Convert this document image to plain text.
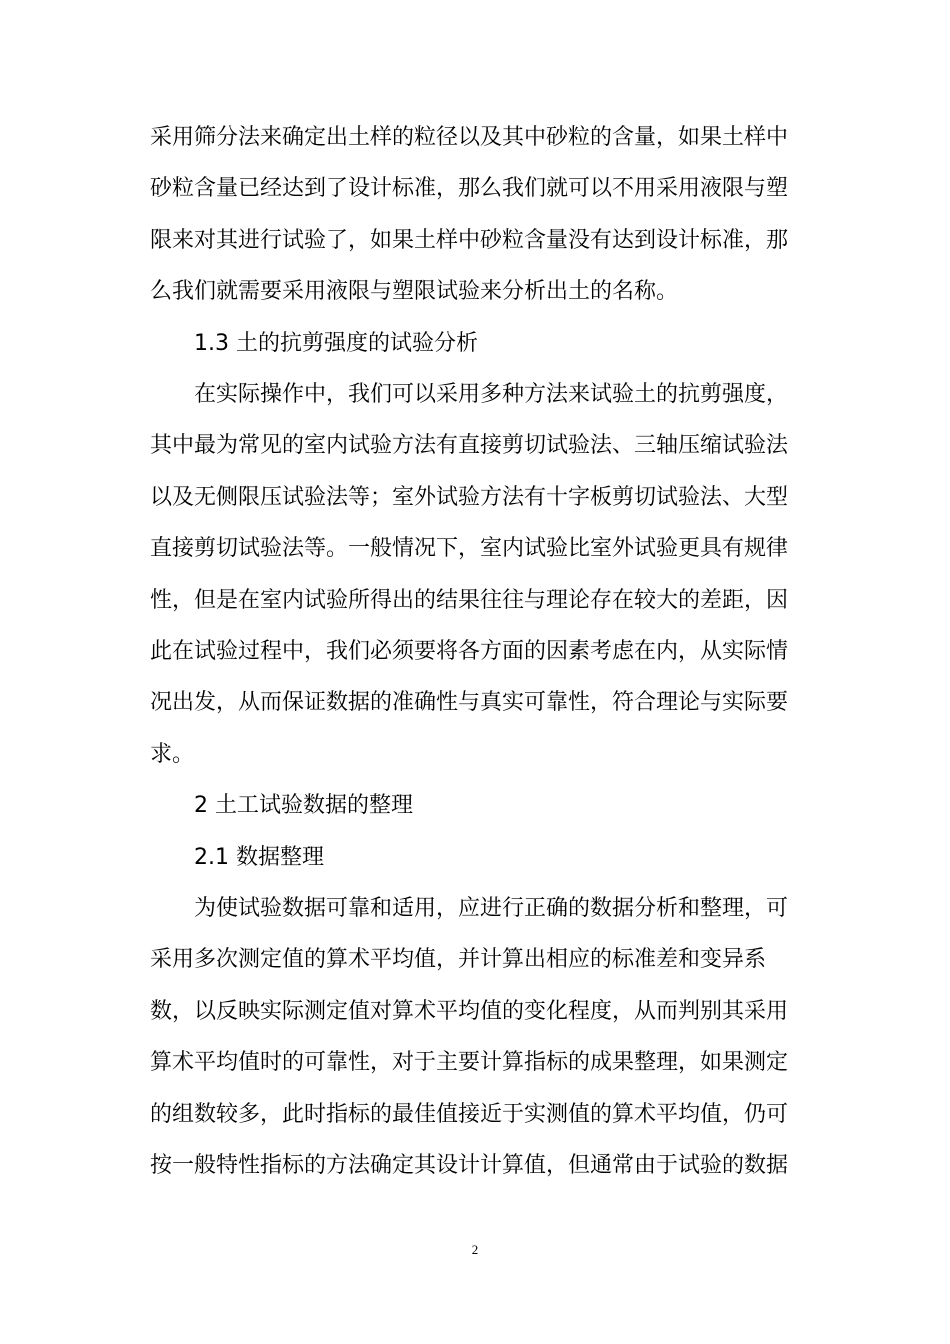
采用筛分法来确定出土样的粒径以及其中砂粒的含量，如果土样中
砂粒含量已经达到了设计标准，那么我们就可以不用采用液限与塑
限来对其进行试验了，如果土样中砂粒含量没有达到设计标准，那
么我们就需要采用液限与塑限试验来分析出土的名称。
1.3 土的抗剪强度的试验分析
在实际操作中，我们可以采用多种方法来试验土的抗剪强度，
其中最为常见的室内试验方法有直接剪切试验法、三轴压缩试验法
以及无侧限压试验法等；室外试验方法有十字板剪切试验法、大型
直接剪切试验法等。一般情况下，室内试验比室外试验更具有规律
性，但是在室内试验所得出的结果往往与理论存在较大的差距，因
此在试验过程中，我们必须要将各方面的因素考虑在内，从实际情
况出发，从而保证数据的准确性与真实可靠性，符合理论与实际要
求。
2 土工试验数据的整理
2.1 数据整理
为使试验数据可靠和适用，应进行正确的数据分析和整理，可
采用多次测定值的算术平均值，并计算出相应的标准差和变异系
数，以反映实际测定值对算术平均值的变化程度，从而判别其采用
算术平均值时的可靠性，对于主要计算指标的成果整理，如果测定
的组数较多，此时指标的最佳值接近于实测值的算术平均值，仍可
按一般特性指标的方法确定其设计计算值，但通常由于试验的数据
2
